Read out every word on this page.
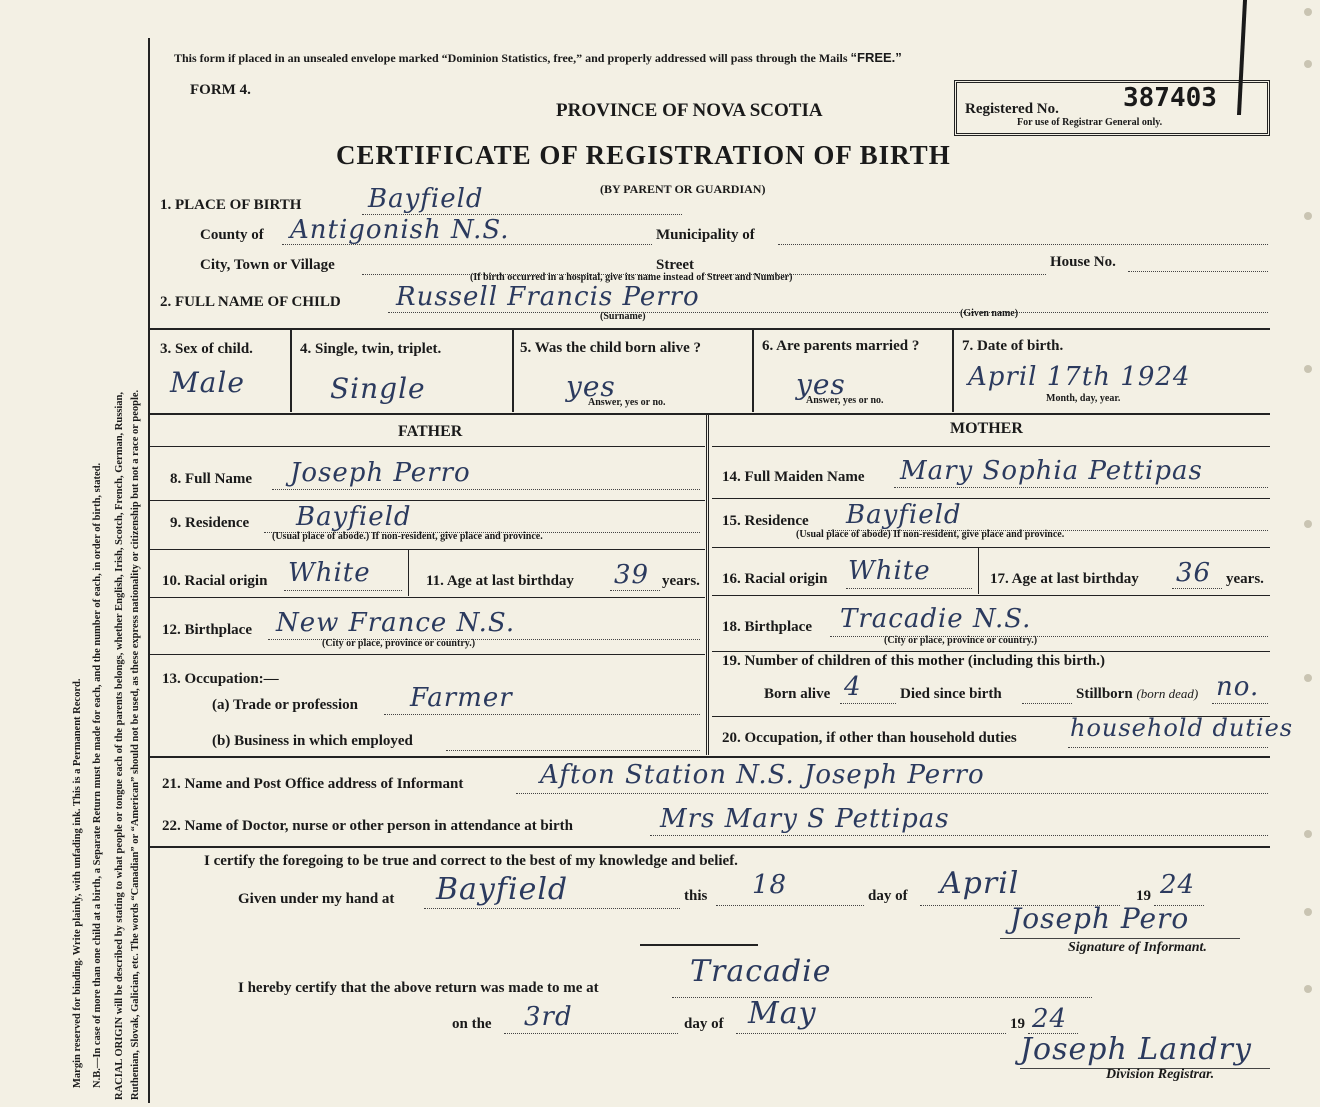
Margin reserved for binding. Write plainly, with unfading ink. This is a Permanent Record. N.B.—In case of more than one child at a birth, a Separate Return must be made for each, and the number of each, in order of birth, stated. RACIAL ORIGIN will be described by stating to what people or tongue each of the parents belongs, whether English, Irish, Scotch, French, German, Russian, Ruthenian, Slovak, Galician, etc. The words “Canadian” or “American” should not be used, as these express nationality or citizenship but not a race or people.
This form if placed in an unsealed envelope marked “Dominion Statistics, free,” and properly addressed will pass through the Mails “FREE.”
FORM 4.
PROVINCE OF NOVA SCOTIA
CERTIFICATE OF REGISTRATION OF BIRTH
(BY PARENT OR GUARDIAN)
Registered No. 387403
For use of Registrar General only.
1. PLACE OF BIRTH	Bayfield
County of Antigonish N.S.	Municipality of
City, Town or Village	Street	House No.
(If birth occurred in a hospital, give its name instead of Street and Number)
2. FULL NAME OF CHILD Russell Francis Perro
(Surname)	(Given name)
3. Sex of child.
Male
4. Single, twin, triplet.
Single
5. Was the child born alive ?
yes
Answer, yes or no.
6. Are parents married ?
yes
Answer, yes or no.
7. Date of birth.
April 17th 1924
Month, day, year.
FATHER	MOTHER
8. Full Name Joseph Perro	14. Full Maiden Name Mary Sophia Pettipas
9. Residence Bayfield
(Usual place of abode.) If non-resident, give place and province.
15. Residence Bayfield
(Usual place of abode) If non-resident, give place and province.
10. Racial origin White	11. Age at last birthday 39 years. 16. Racial origin White	17. Age at last birthday 36 years.
12. Birthplace New France N.S.
(City or place, province or country.)
18. Birthplace Tracadie N.S.
(City or place, province or country.)
13. Occupation:—
(a) Trade or profession Farmer
(b) Business in which employed
19. Number of children of this mother (including this birth.)
Born alive 4	Died since birth	Stillborn (born dead) no.
20. Occupation, if other than household duties household duties
21. Name and Post Office address of Informant	Afton Station N.S. Joseph Perro
22. Name of Doctor, nurse or other person in attendance at birth	Mrs Mary S Pettipas
I certify the foregoing to be true and correct to the best of my knowledge and belief.
Given under my hand at Bayfield	this 18	day of April	19 24
Joseph Pero
Signature of Informant.
I hereby certify that the above return was made to me at	Tracadie
on the 3rd	day of May	19 24
Joseph Landry
Division Registrar.
